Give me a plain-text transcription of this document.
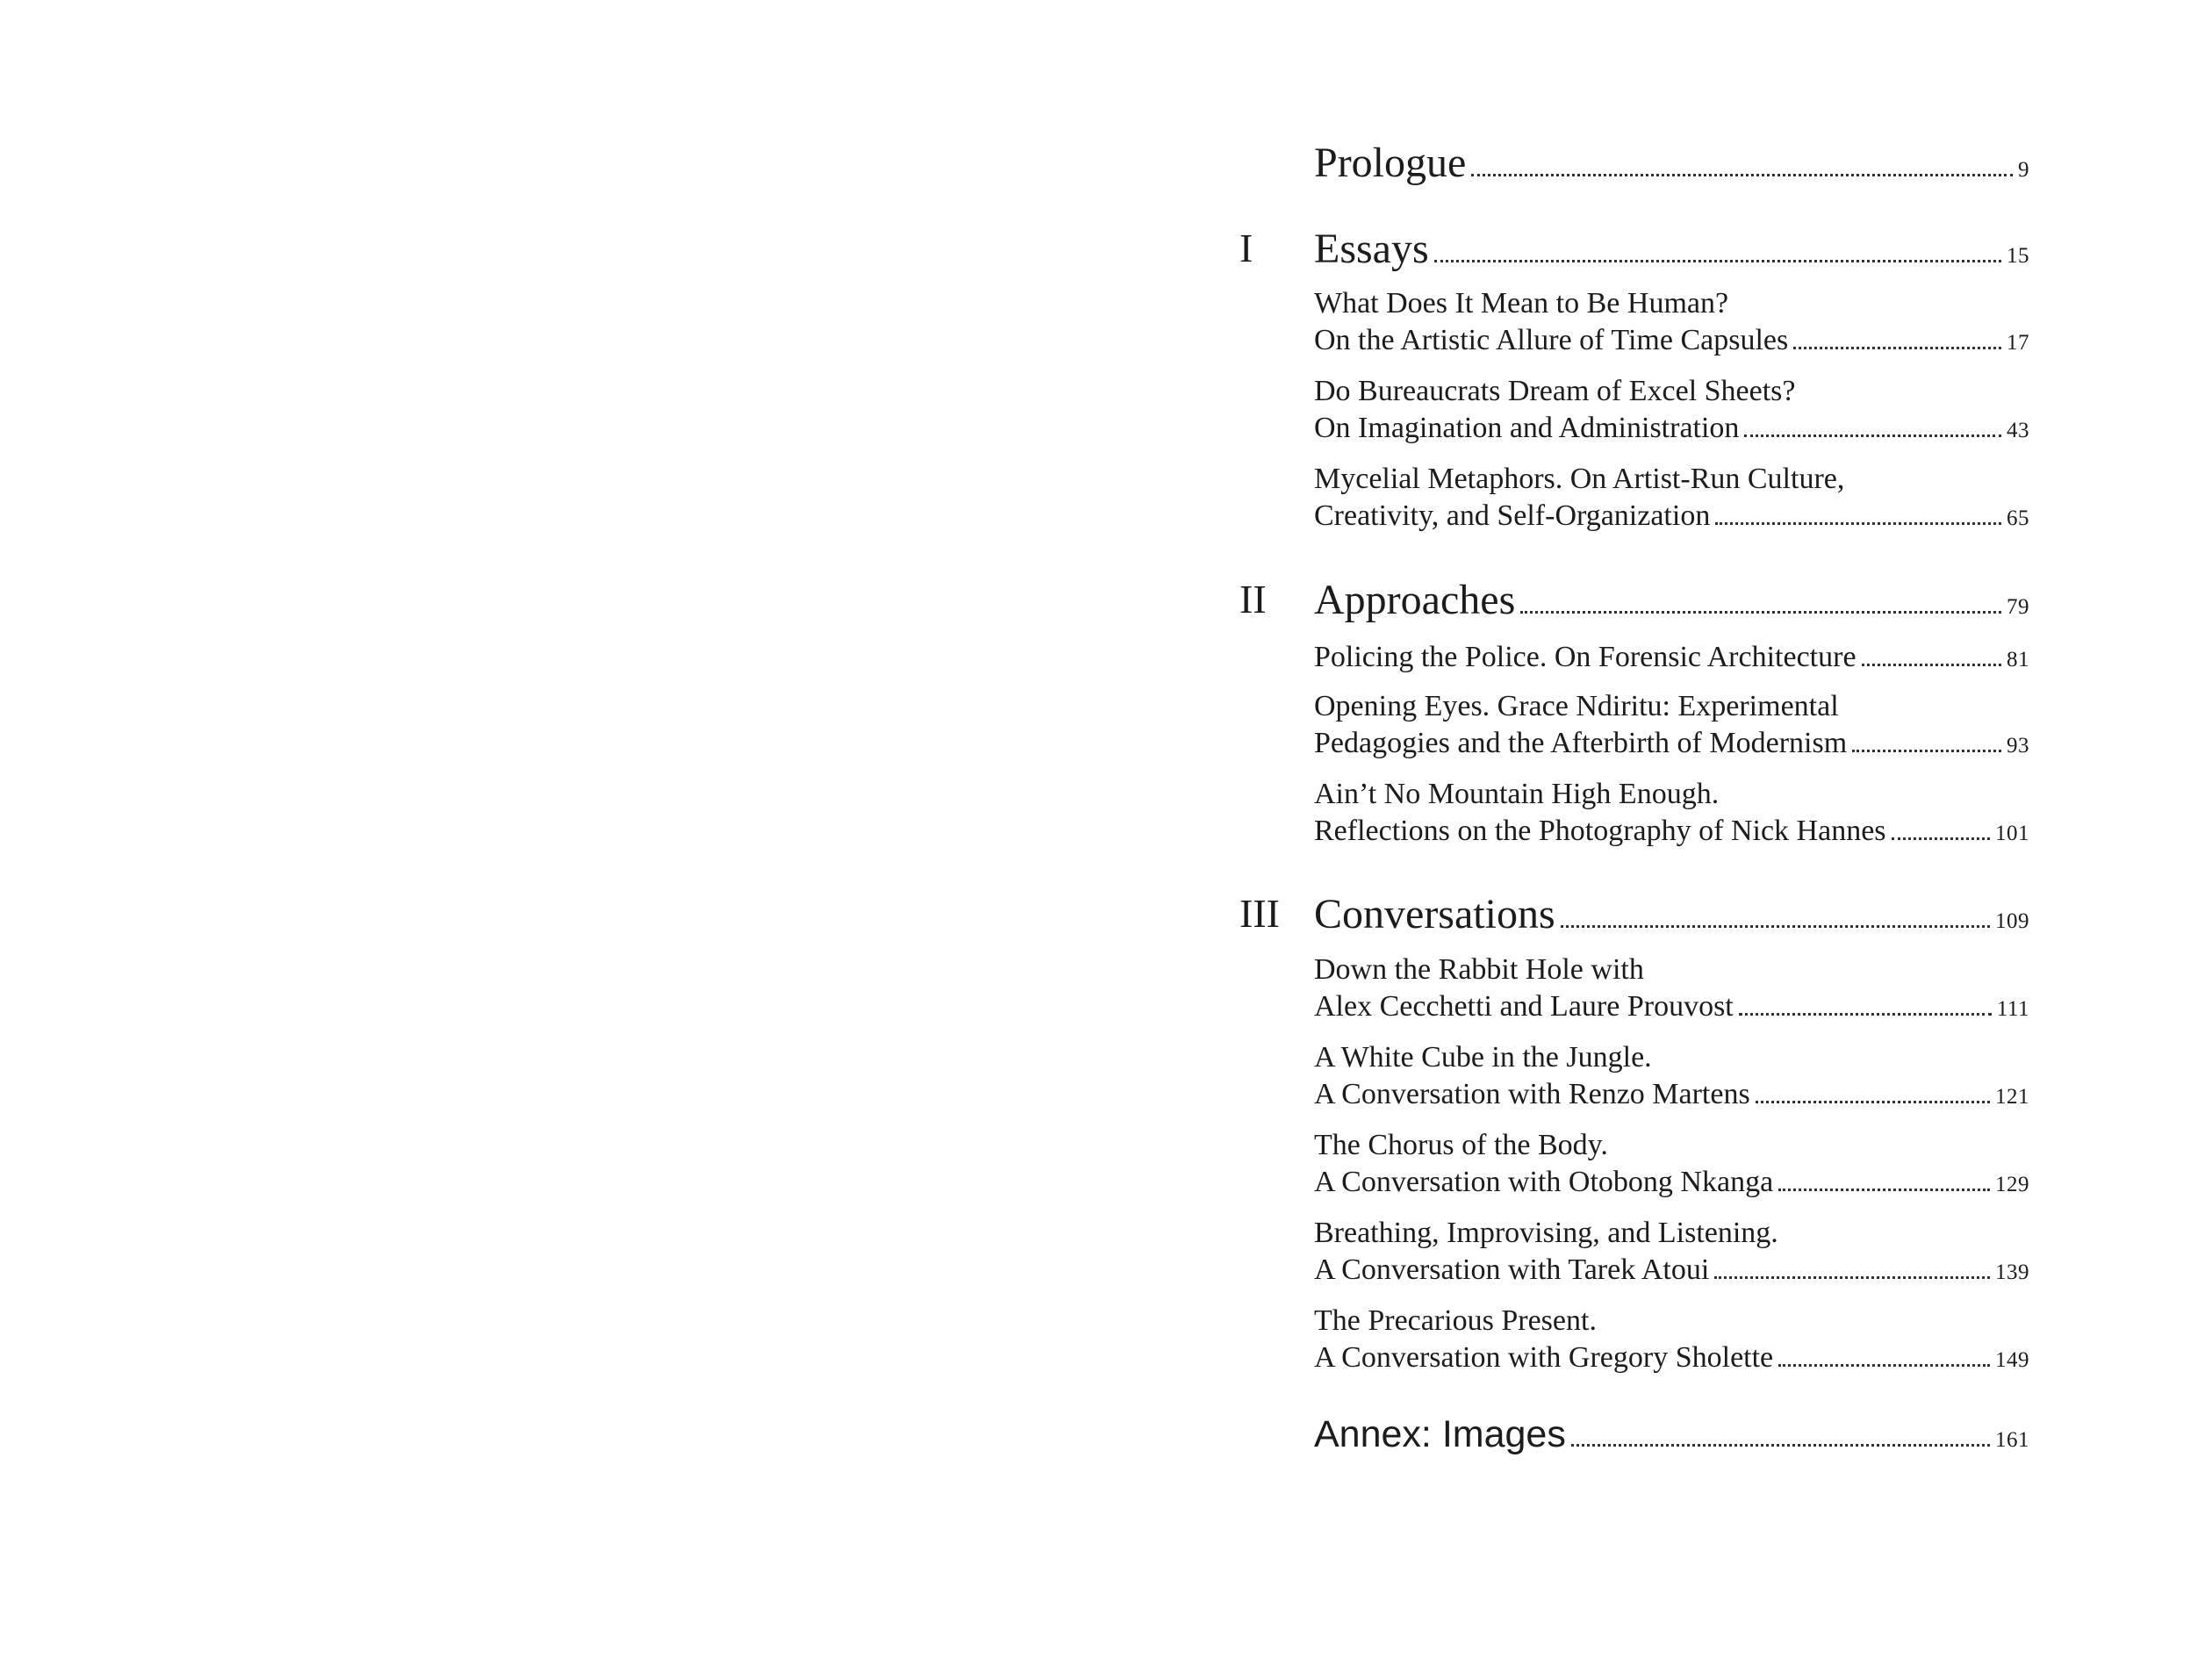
Prologue	9
I Essays	15
What Does It Mean to Be Human?
On the Artistic Allure of Time Capsules	17
Do Bureaucrats Dream of Excel Sheets?
On Imagination and Administration	43
Mycelial Metaphors. On Artist-Run Culture,
Creativity, and Self-Organization	65
II Approaches	79
Policing the Police. On Forensic Architecture	81
Opening Eyes. Grace Ndiritu: Experimental
Pedagogies and the Afterbirth of Modernism	93
Ain’t No Mountain High Enough.
Reflections on the Photography of Nick Hannes	101
III Conversations	109
Down the Rabbit Hole with
Alex Cecchetti and Laure Prouvost	111
A White Cube in the Jungle.
A Conversation with Renzo Martens	121
The Chorus of the Body.
A Conversation with Otobong Nkanga	129
Breathing, Improvising, and Listening.
A Conversation with Tarek Atoui	139
The Precarious Present.
A Conversation with Gregory Sholette	149
Annex: Images	161
